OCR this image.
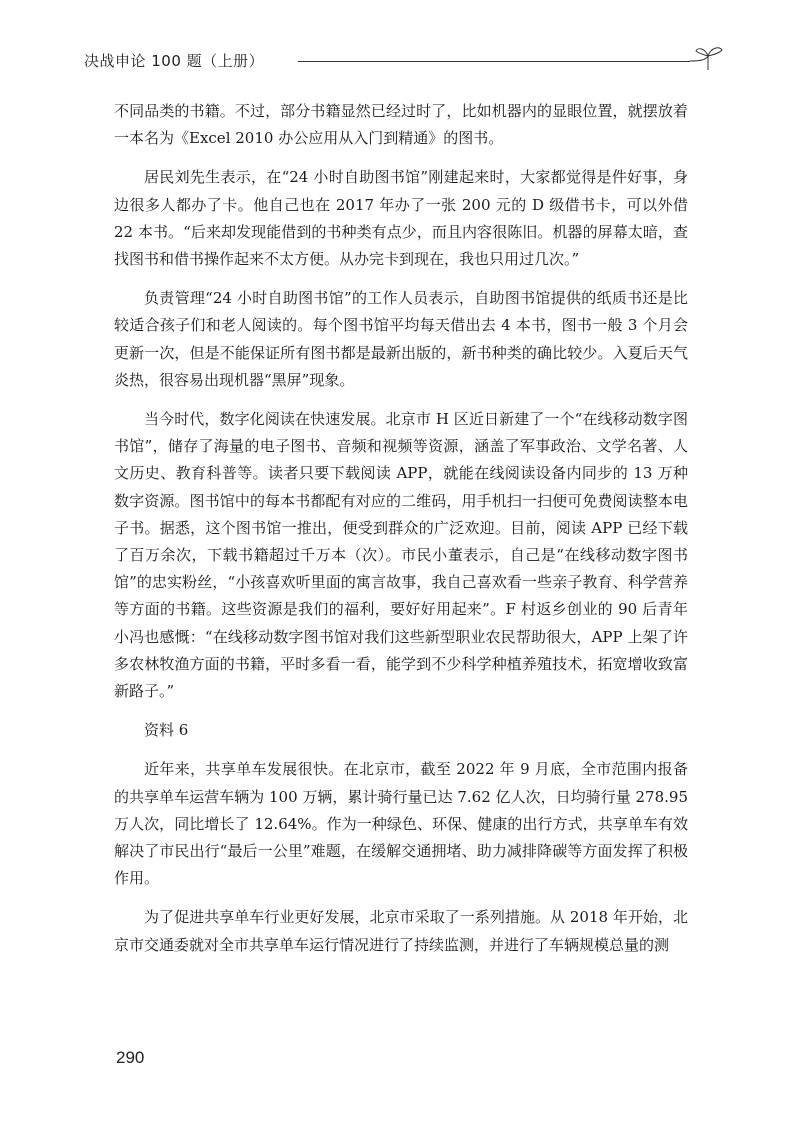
决战申论 100 题（上册）

不同品类的书籍。不过，部分书籍显然已经过时了，比如机器内的显眼位置，就摆放着一本名为《Excel 2010 办公应用从入门到精通》的图书。

居民刘先生表示，在“24 小时自助图书馆”刚建起来时，大家都觉得是件好事，身边很多人都办了卡。他自己也在 2017 年办了一张 200 元的 D 级借书卡，可以外借 22 本书。“后来却发现能借到的书种类有点少，而且内容很陈旧。机器的屏幕太暗，查找图书和借书操作起来不太方便。从办完卡到现在，我也只用过几次。”

负责管理“24 小时自助图书馆”的工作人员表示，自助图书馆提供的纸质书还是比较适合孩子们和老人阅读的。每个图书馆平均每天借出去 4 本书，图书一般 3 个月会更新一次，但是不能保证所有图书都是最新出版的，新书种类的确比较少。入夏后天气炎热，很容易出现机器“黑屏”现象。

当今时代，数字化阅读在快速发展。北京市 H 区近日新建了一个“在线移动数字图书馆”，储存了海量的电子图书、音频和视频等资源，涵盖了军事政治、文学名著、人文历史、教育科普等。读者只要下载阅读 APP，就能在线阅读设备内同步的 13 万种数字资源。图书馆中的每本书都配有对应的二维码，用手机扫一扫便可免费阅读整本电子书。据悉，这个图书馆一推出，便受到群众的广泛欢迎。目前，阅读 APP 已经下载了百万余次，下载书籍超过千万本（次）。市民小董表示，自己是“在线移动数字图书馆”的忠实粉丝，“小孩喜欢听里面的寓言故事，我自己喜欢看一些亲子教育、科学营养等方面的书籍。这些资源是我们的福利，要好好用起来”。F 村返乡创业的 90 后青年小冯也感慨：“在线移动数字图书馆对我们这些新型职业农民帮助很大，APP 上架了许多农林牧渔方面的书籍，平时多看一看，能学到不少科学种植养殖技术，拓宽增收致富新路子。”

资料 6

近年来，共享单车发展很快。在北京市，截至 2022 年 9 月底，全市范围内报备的共享单车运营车辆为 100 万辆，累计骑行量已达 7.62 亿人次，日均骑行量 278.95 万人次，同比增长了 12.64%。作为一种绿色、环保、健康的出行方式，共享单车有效解决了市民出行“最后一公里”难题，在缓解交通拥堵、助力减排降碳等方面发挥了积极作用。

为了促进共享单车行业更好发展，北京市采取了一系列措施。从 2018 年开始，北京市交通委就对全市共享单车运行情况进行了持续监测，并进行了车辆规模总量的测

290
